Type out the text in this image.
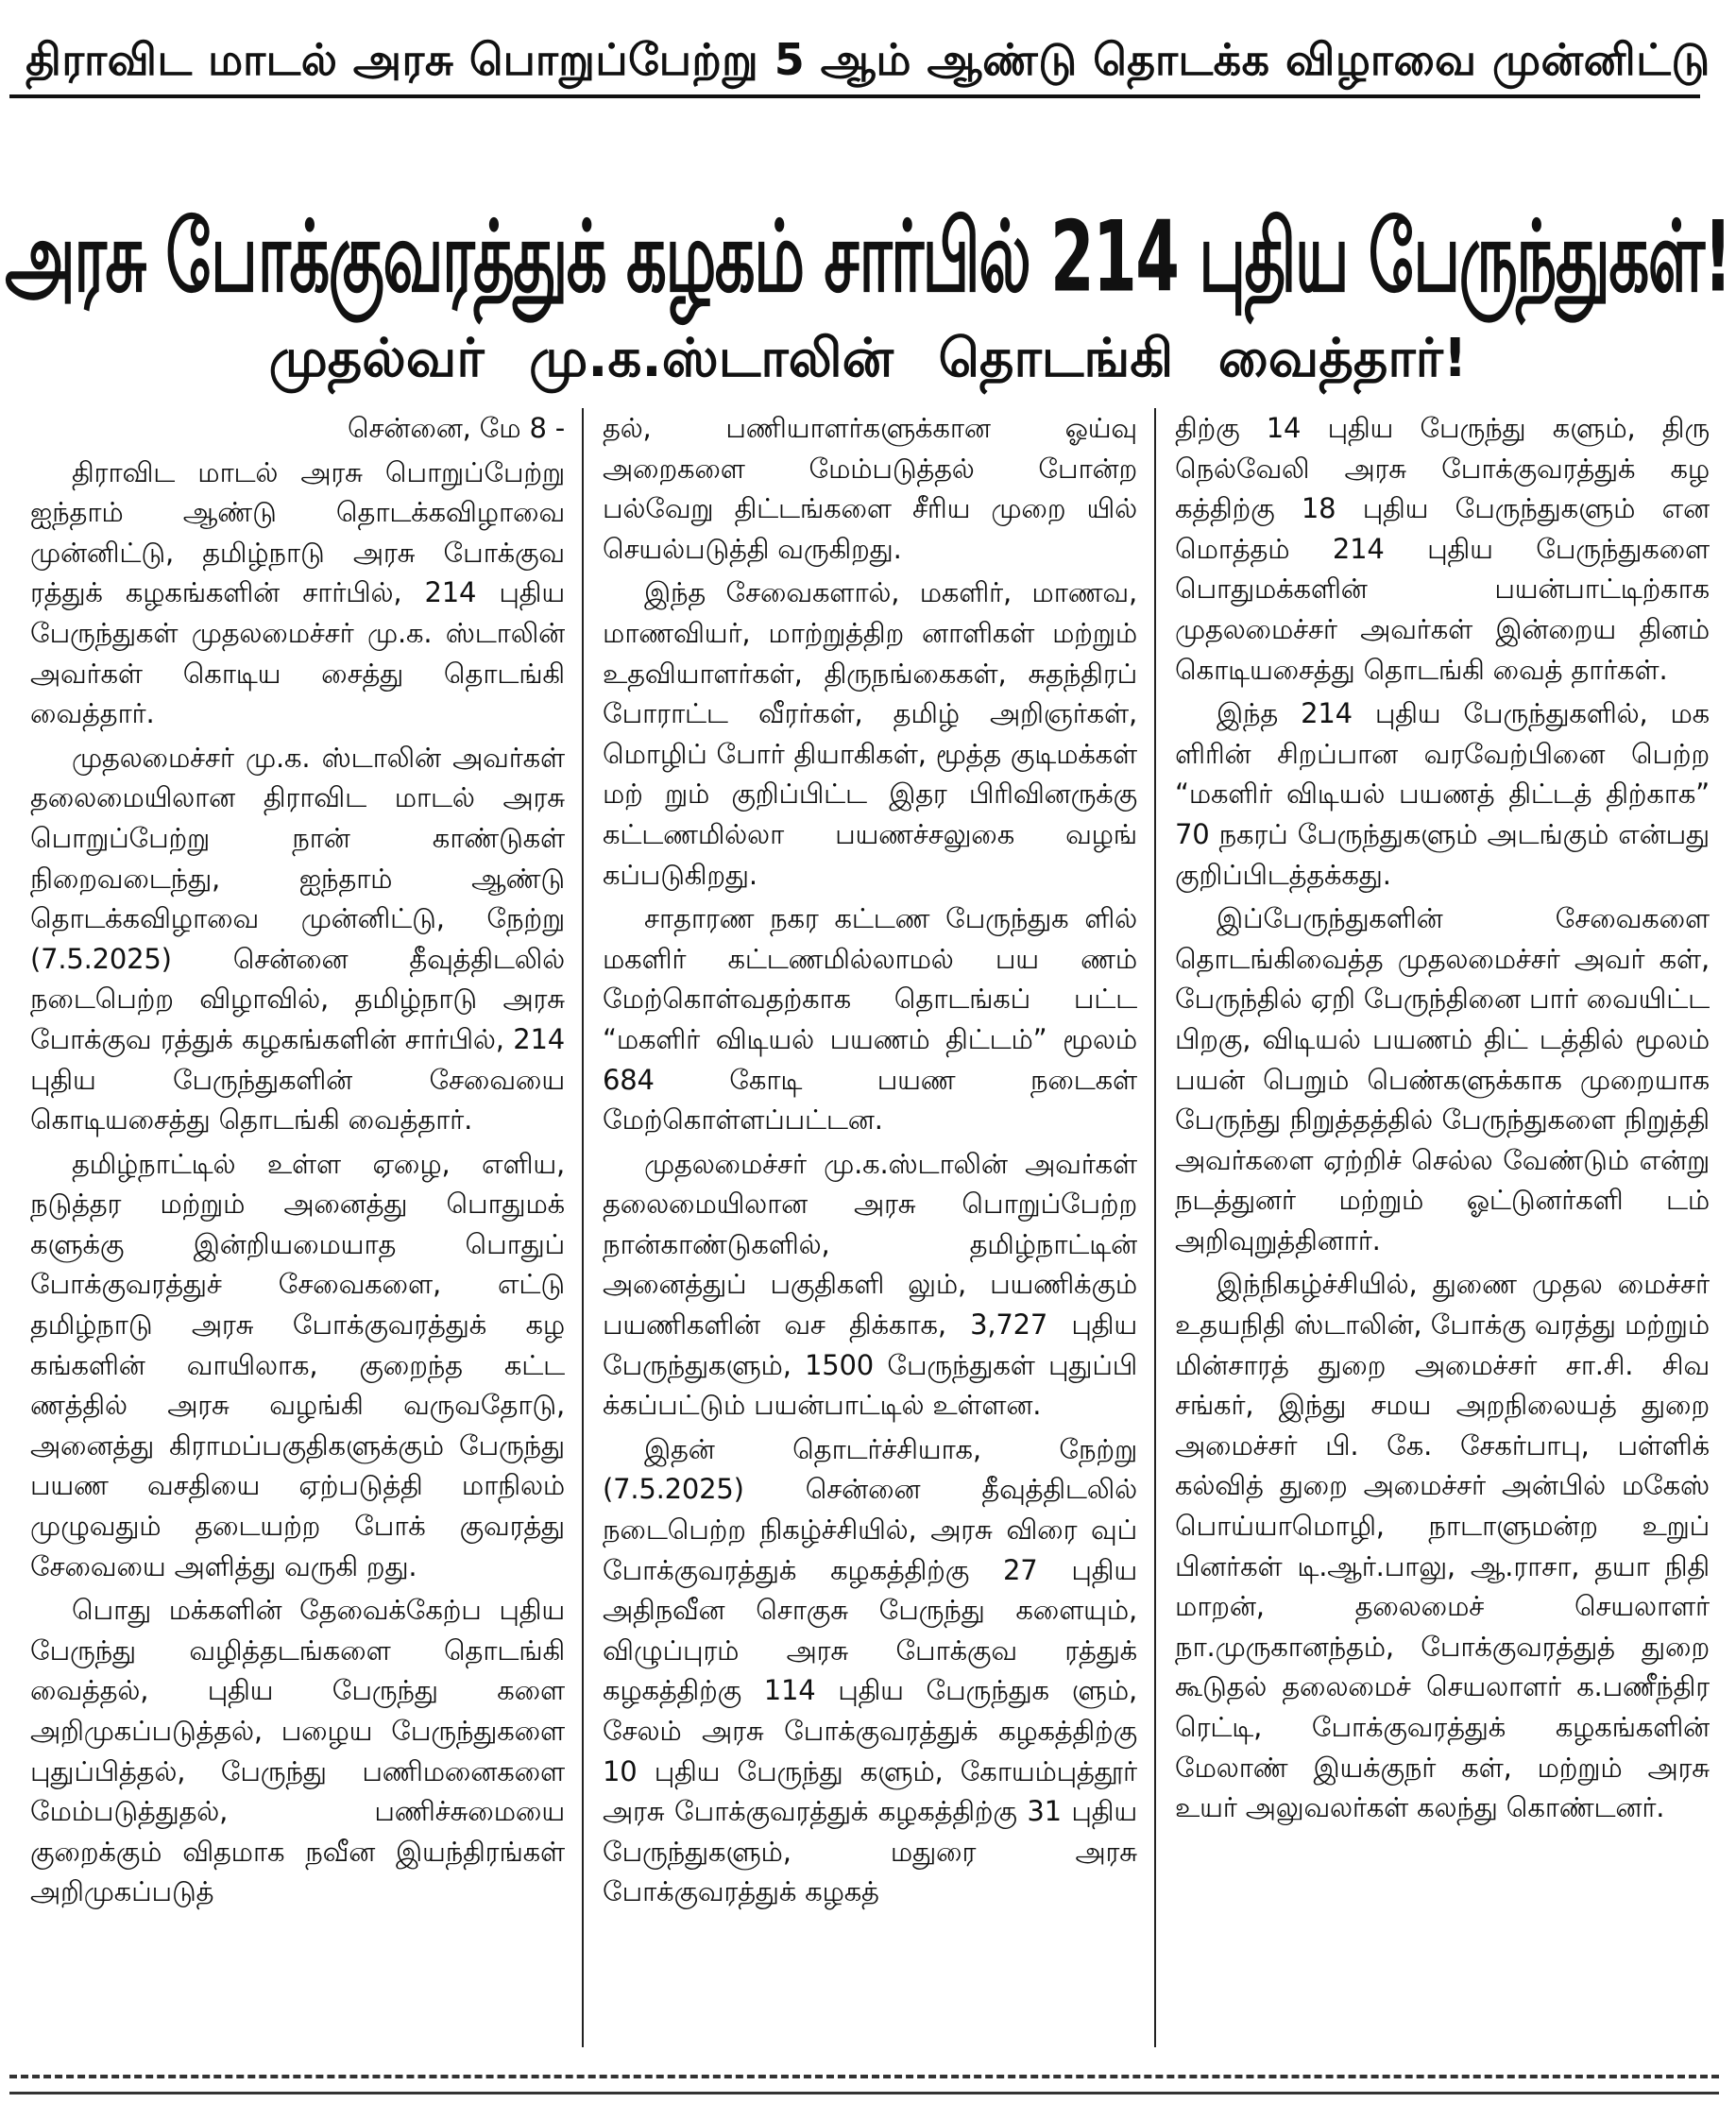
திராவிட மாடல் அரசு பொறுப்பேற்று 5 ஆம் ஆண்டு தொடக்க விழாவை முன்னிட்டு
அரசு போக்குவரத்துக் கழகம் சார்பில் 214 புதிய பேருந்துகள்!
முதல்வர் மு.க.ஸ்டாலின் தொடங்கி வைத்தார்!

சென்னை, மே 8 -

திராவிட மாடல் அரசு பொறுப்பேற்று ஐந்தாம் ஆண்டு தொடக்கவிழாவை முன்னிட்டு, தமிழ்நாடு அரசு போக்குவ ரத்துக் கழகங்களின் சார்பில், 214 புதிய பேருந்துகள் முதலமைச்சர் மு.க. ஸ்டாலின் அவர்கள் கொடிய சைத்து தொடங்கி வைத்தார்.

முதலமைச்சர் மு.க. ஸ்டாலின் அவர்கள் தலைமையிலான திராவிட மாடல் அரசு பொறுப்பேற்று நான் காண்டுகள் நிறைவடைந்து, ஐந்தாம் ஆண்டு தொடக்கவிழாவை முன்னிட்டு, நேற்று (7.5.2025) சென்னை தீவுத்திடலில் நடைபெற்ற விழாவில், தமிழ்நாடு அரசு போக்குவ ரத்துக் கழகங்களின் சார்பில், 214 புதிய பேருந்துகளின் சேவையை கொடியசைத்து தொடங்கி வைத்தார்.

தமிழ்நாட்டில் உள்ள ஏழை, எளிய, நடுத்தர மற்றும் அனைத்து பொதுமக் களுக்கு இன்றியமையாத பொதுப் போக்குவரத்துச் சேவைகளை, எட்டு தமிழ்நாடு அரசு போக்குவரத்துக் கழ கங்களின் வாயிலாக, குறைந்த கட்ட ணத்தில் அரசு வழங்கி வருவதோடு, அனைத்து கிராமப்பகுதிகளுக்கும் பேருந்து பயண வசதியை ஏற்படுத்தி மாநிலம் முழுவதும் தடையற்ற போக் குவரத்து சேவையை அளித்து வருகி றது.

பொது மக்களின் தேவைக்கேற்ப புதிய பேருந்து வழித்தடங்களை தொடங்கி வைத்தல், புதிய பேருந்து களை அறிமுகப்படுத்தல், பழைய பேருந்துகளை புதுப்பித்தல், பேருந்து பணிமனைகளை மேம்படுத்துதல், பணிச்சுமையை குறைக்கும் விதமாக நவீன இயந்திரங்கள் அறிமுகப்படுத்

தல், பணியாளர்களுக்கான ஓய்வு அறைகளை மேம்படுத்தல் போன்ற பல்வேறு திட்டங்களை சீரிய முறை யில் செயல்படுத்தி வருகிறது.

இந்த சேவைகளால், மகளிர், மாணவ, மாணவியர், மாற்றுத்திற னாளிகள் மற்றும் உதவியாளர்கள், திருநங்கைகள், சுதந்திரப் போராட்ட வீரர்கள், தமிழ் அறிஞர்கள், மொழிப் போர் தியாகிகள், மூத்த குடிமக்கள் மற் றும் குறிப்பிட்ட இதர பிரிவினருக்கு கட்டணமில்லா பயணச்சலுகை வழங் கப்படுகிறது.

சாதாரண நகர கட்டண பேருந்துக ளில் மகளிர் கட்டணமில்லாமல் பய ணம் மேற்கொள்வதற்காக தொடங்கப் பட்ட “மகளிர் விடியல் பயணம் திட்டம்” மூலம் 684 கோடி பயண நடைகள் மேற்கொள்ளப்பட்டன.

முதலமைச்சர் மு.க.ஸ்டாலின் அவர்கள் தலைமையிலான அரசு பொறுப்பேற்ற நான்காண்டுகளில், தமிழ்நாட்டின் அனைத்துப் பகுதிகளி லும், பயணிக்கும் பயணிகளின் வச திக்காக, 3,727 புதிய பேருந்துகளும், 1500 பேருந்துகள் புதுப்பி க்கப்பட்டும் பயன்பாட்டில் உள்ளன.

இதன் தொடர்ச்சியாக, நேற்று (7.5.2025) சென்னை தீவுத்திடலில் நடைபெற்ற நிகழ்ச்சியில், அரசு விரை வுப் போக்குவரத்துக் கழகத்திற்கு 27 புதிய அதிநவீன சொகுசு பேருந்து களையும், விழுப்புரம் அரசு போக்குவ ரத்துக் கழகத்திற்கு 114 புதிய பேருந்துக ளும், சேலம் அரசு போக்குவரத்துக் கழகத்திற்கு 10 புதிய பேருந்து களும், கோயம்புத்தூர் அரசு போக்குவரத்துக் கழகத்திற்கு 31 புதிய பேருந்துகளும், மதுரை அரசு போக்குவரத்துக் கழகத்

திற்கு 14 புதிய பேருந்து களும், திரு நெல்வேலி அரசு போக்குவரத்துக் கழ கத்திற்கு 18 புதிய பேருந்துகளும் என மொத்தம் 214 புதிய பேருந்துகளை பொதுமக்களின் பயன்பாட்டிற்காக முதலமைச்சர் அவர்கள் இன்றைய தினம் கொடியசைத்து தொடங்கி வைத் தார்கள்.

இந்த 214 புதிய பேருந்துகளில், மக ளிரின் சிறப்பான வரவேற்பினை பெற்ற “மகளிர் விடியல் பயணத் திட்டத் திற்காக” 70 நகரப் பேருந்துகளும் அடங்கும் என்பது குறிப்பிடத்தக்கது.

இப்பேருந்துகளின் சேவைகளை தொடங்கிவைத்த முதலமைச்சர் அவர் கள், பேருந்தில் ஏறி பேருந்தினை பார் வையிட்ட பிறகு, விடியல் பயணம் திட் டத்தில் மூலம் பயன் பெறும் பெண்களுக்காக முறையாக பேருந்து நிறுத்தத்தில் பேருந்துகளை நிறுத்தி அவர்களை ஏற்றிச் செல்ல வேண்டும் என்று நடத்துனர் மற்றும் ஓட்டுனர்களி டம் அறிவுறுத்தினார்.

இந்நிகழ்ச்சியில், துணை முதல மைச்சர் உதயநிதி ஸ்டாலின், போக்கு வரத்து மற்றும் மின்சாரத் துறை அமைச்சர் சா.சி. சிவ சங்கர், இந்து சமய அறநிலையத் துறை அமைச்சர் பி. கே. சேகர்பாபு, பள்ளிக் கல்வித் துறை அமைச்சர் அன்பில் மகேஸ் பொய்யாமொழி, நாடாளுமன்ற உறுப் பினர்கள் டி.ஆர்.பாலு, ஆ.ராசா, தயா நிதி மாறன், தலைமைச் செயலாளர் நா.முருகானந்தம், போக்குவரத்துத் துறை கூடுதல் தலைமைச் செயலாளர் க.பணீந்திர ரெட்டி, போக்குவரத்துக் கழகங்களின் மேலாண் இயக்குநர் கள், மற்றும் அரசு உயர் அலுவலர்கள் கலந்து கொண்டனர்.
